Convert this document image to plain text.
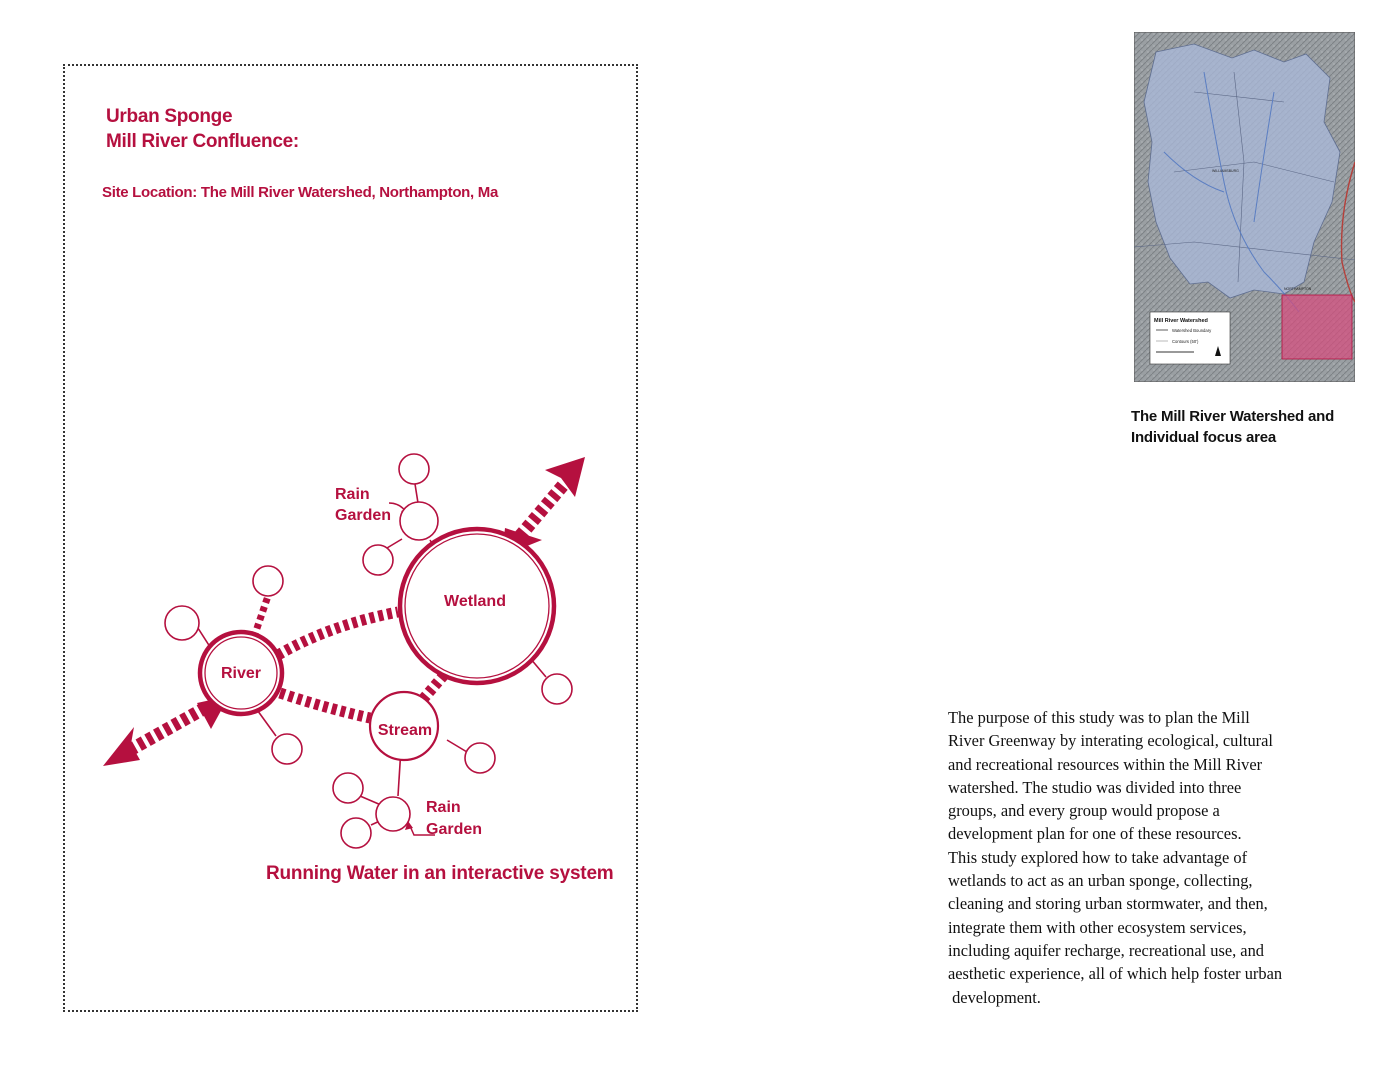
Urban Sponge
Mill River Confluence:

Site Location: The Mill River Watershed, Northampton, Ma

Wetland
River
Stream
Rain
Garden
Rain
Garden

Running Water in an interactive system

WILLIAMSBURG
NORTHAMPTON
Mill River Watershed
Watershed Boundary
Contours (50')

The Mill River Watershed and
Individual focus area

The purpose of this study was to plan the Mill
River Greenway by interating ecological, cultural
and recreational resources within the Mill River
watershed. The studio was divided into three
groups, and every group would propose a
development plan for one of these resources.
This study explored how to take advantage of
wetlands to act as an urban sponge, collecting,
cleaning and storing urban stormwater, and then,
integrate them with other ecosystem services,
including aquifer recharge, recreational use, and
aesthetic experience, all of which help foster urban
development.
